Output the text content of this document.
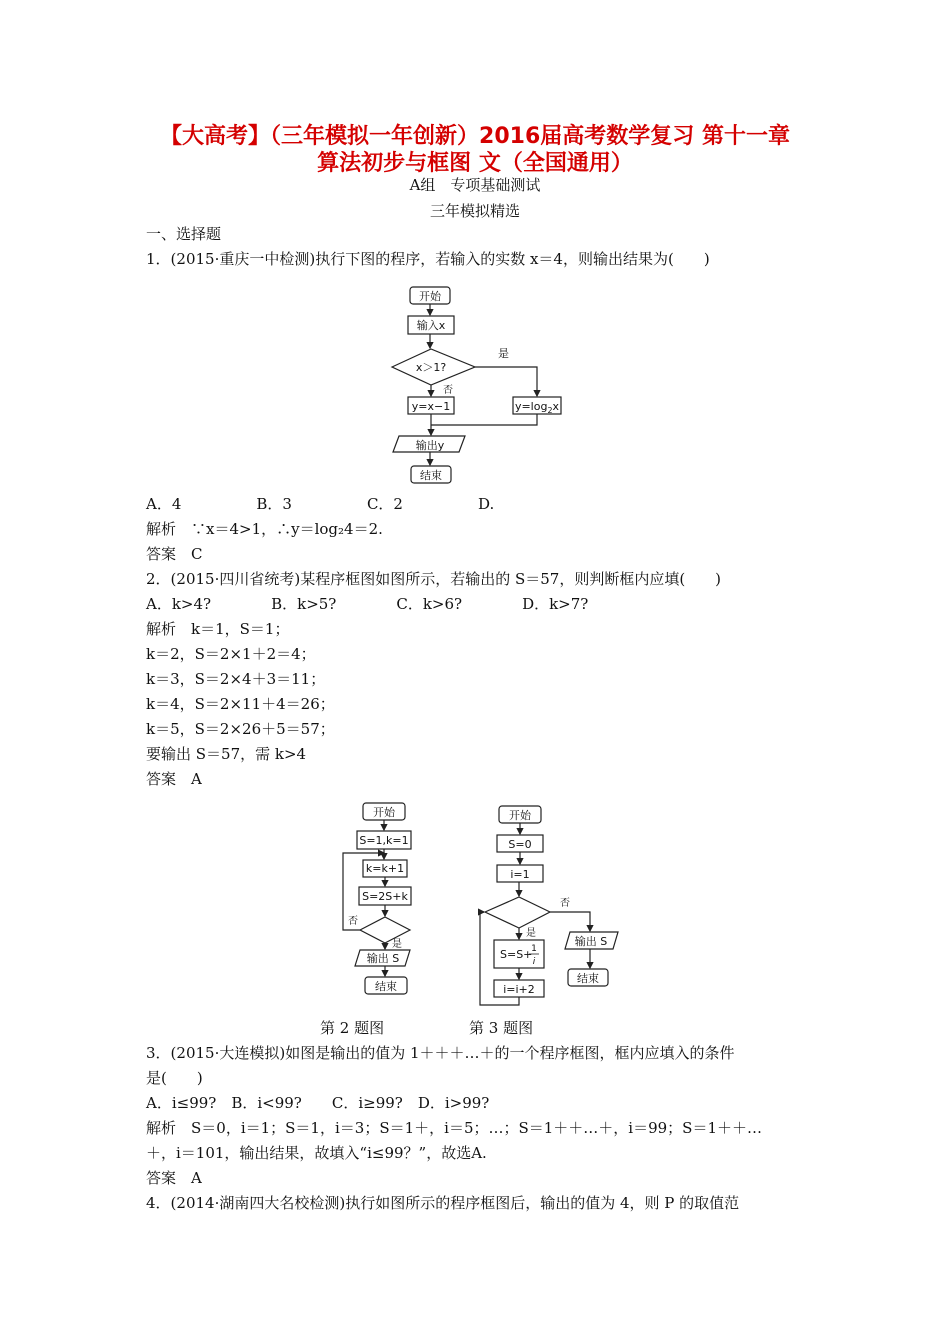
【大高考】（三年模拟一年创新）2016届高考数学复习 第十一章
算法初步与框图 文（全国通用）
A组　专项基础测试
三年模拟精选
一、选择题
1．(2015·重庆一中检测)执行下图的程序，若输入的实数 x＝4，则输出结果为(　　)
开始
输入x
x＞1?
是
否
y=x−1	$y=\log_2x$
输出y
结束
A．4　　　　　B．3　　　　　C．2　　　　　D.
解析　∵x＝4>1，∴y＝log₂4＝2.
答案　C
2．(2015·四川省统考)某程序框图如图所示，若输出的 S＝57，则判断框内应填(　　)
A．k>4?　　　　B．k>5?　　　　C．k>6?　　　　D．k>7?
解析　k＝1，S＝1；
k＝2，S＝2×1＋2＝4；
k＝3，S＝2×4＋3＝11；
k＝4，S＝2×11＋4＝26；
k＝5，S＝2×26＋5＝57；
要输出 S＝57，需 k>4
答案　A
开始
S=1,k=1
k=k+1
S=2S+k
否
是
输出 S
结束
开始
S=0
i=1
否
是
S=S+
1
i
i=i+2
输出 S
结束
第 2 题图	第 3 题图
3．(2015·大连模拟)如图是输出的值为 1＋＋＋…＋的一个程序框图，框内应填入的条件
是(　　)
A．i≤99?　B．i<99?　　C．i≥99?　D．i>99?
解析　S＝0，i＝1；S＝1，i＝3；S＝1＋，i＝5；…；S＝1＋＋…＋，i＝99；S＝1＋＋…
＋，i＝101，输出结果，故填入“i≤99？”，故选A.
答案　A
4．(2014·湖南四大名校检测)执行如图所示的程序框图后，输出的值为 4，则 P 的取值范
